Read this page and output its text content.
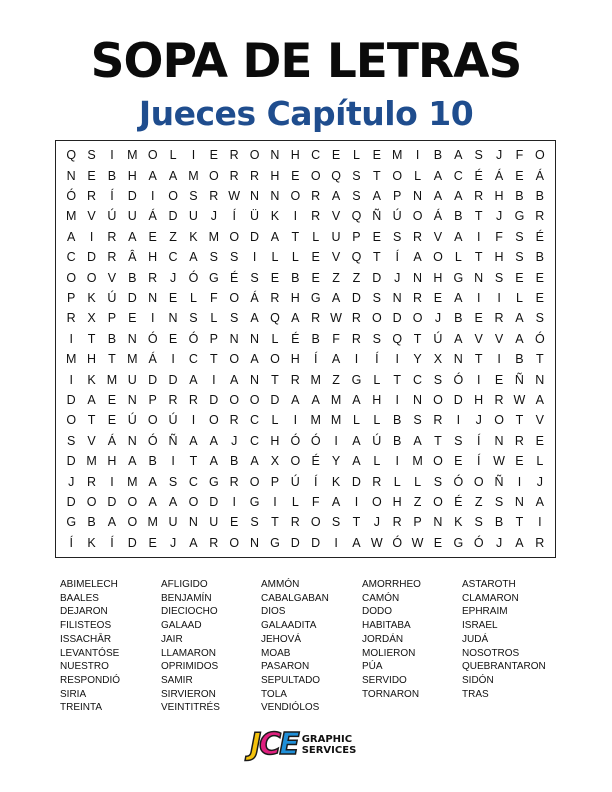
SOPA DE LETRAS
Jueces Capítulo 10
Q S	I	M O L	I	E R O N H C E	L	E M	I	B A S	J	F O
N E B H A A M O R R H E O Q S T O L	A C É Á E Á
Ó R	Í	D	I	O S R W N N O R A S A P N A A R H B B
M V Ú U Á D U	J	Í	Ü K	I	R V Q Ñ Ú O Á B T	J G R
A	I	R A E Z K M O D A T	L U P E S R V A	I	F S É
C D R Â H C A S S	I	L	L	E V Q T	Í	A O L	T H S B
O O V B R	J Ó G É S E B E Z	Z D	J	N H G N S E E
P K Ú D N E	L	F O Á R H G A D S N R E A	I	I	L	E
R X P E	I	N S	L	S A Q A R W R O D O J	B E R A S
I	T B N Ó E Ó P N N L	É B F R S Q T Ú A V V A Ó
M H T M Á	I	C T O A O H	Í	A	I	Í	I	Y X N T	I	B T
I	K M U D D A	I	A N T R M Z G L	T C S Ó	I	E Ñ N
D A E N P R R D O O D A A M A H	I	N O D H R W A
O T E Ú O Ú	I	O R C L	I	M M L	L	B S R	I	J O T V
S V Á N Ó Ñ A A	J	C H Ó Ó	I	A Ú B A T S	Í	N R E
D M H A B	I	T A B A X O É Y A	L	I	M O E	Í	W E	L
J	R	I	M A S C G R O P Ú	Í	K D R L	L	S Ó O Ñ	I	J
D O D O A A O D	I	G	I	L	F A	I	O H Z O É Z S N A
G B A O M U N U E S T R O S T	J	R P N K S B T	I
Í	K	Í	D E	J	A R O N G D D	I	A W Ó W E G Ó J	A R
ABIMELECH
BAALES
DEJARON
FILISTEOS
ISSACHĀR
LEVANTÓSE
NUESTRO
RESPONDIÓ
SIRIA
TREINTA
AFLIGIDO
BENJAMÍN
DIECIOCHO
GALAAD
JAIR
LLAMARON
OPRIMIDOS
SAMIR
SIRVIERON
VEINTITRÉS
AMMÓN
CABALGABAN
DIOS
GALAADITA
JEHOVÁ
MOAB
PASARON
SEPULTADO
TOLA
VENDIÓLOS
AMORRHEO
CAMÓN
DODO
HABITABA
JORDÁN
MOLIERON
PÚA
SERVIDO
TORNARON
ASTAROTH
CLAMARON
EPHRAIM
ISRAEL
JUDÁ
NOSOTROS
QUEBRANTARON
SIDÓN
TRAS
JCE GRAPHIC
SERVICES
